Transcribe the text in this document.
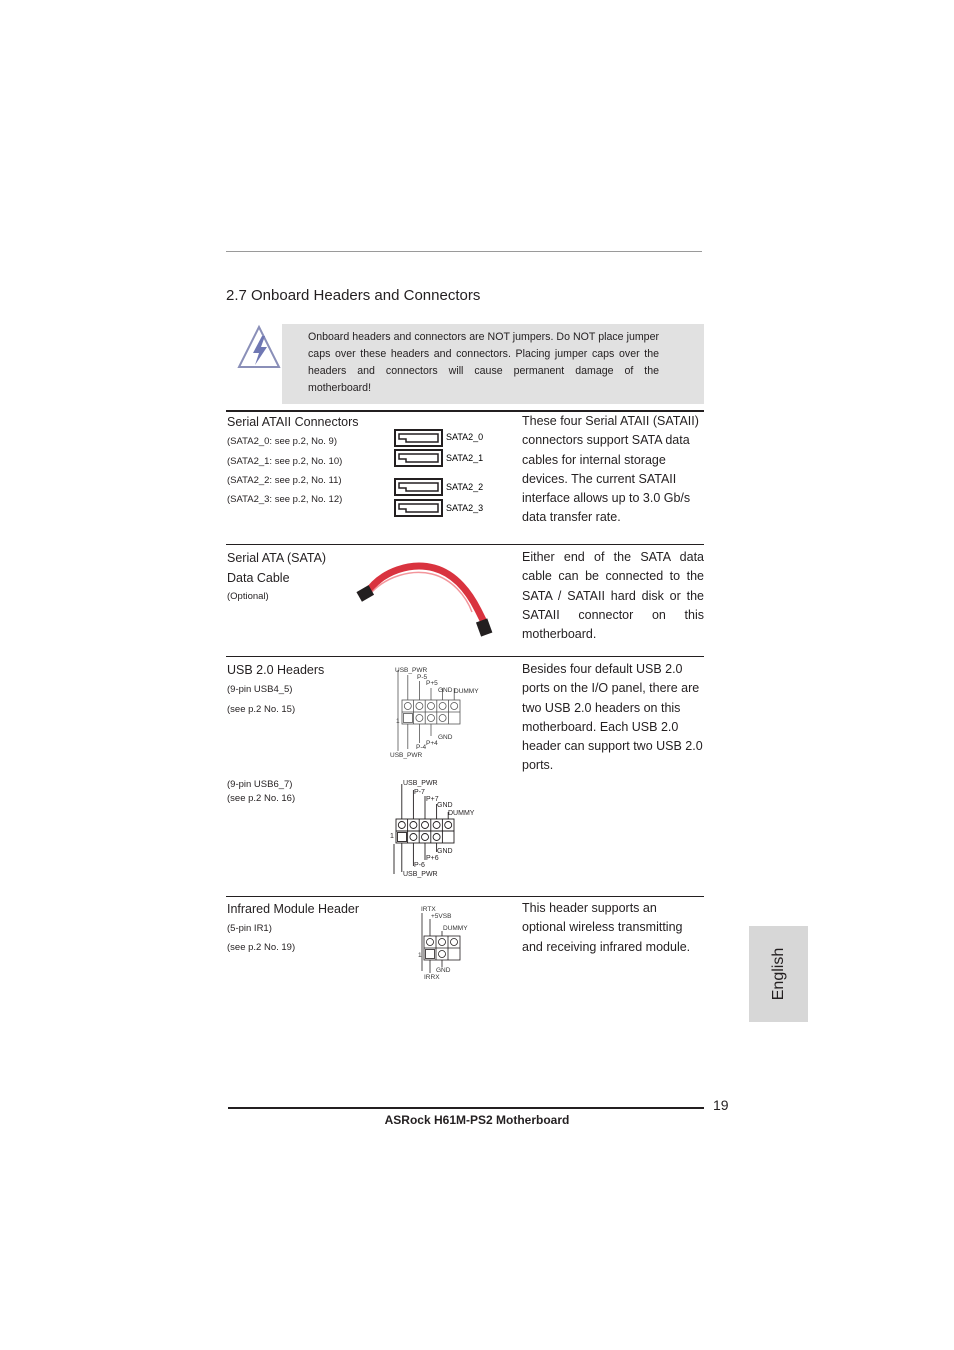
2.7 Onboard Headers and Connectors
Onboard headers and connectors are NOT jumpers. Do NOT place jumper caps over these headers and connectors. Placing jumper caps over the headers and connectors will cause permanent damage of the motherboard!
Serial ATAII Connectors
(SATA2_0: see p.2, No. 9)
(SATA2_1: see p.2, No. 10)
(SATA2_2: see p.2, No. 11)
(SATA2_3: see p.2, No. 12)
SATA2_0
SATA2_1
SATA2_2
SATA2_3
These four Serial ATAII (SATAII) connectors support SATA data cables for internal storage devices. The current SATAII interface allows up to 3.0 Gb/s data transfer rate.
Serial ATA (SATA)
Data Cable
(Optional)
Either end of the SATA data cable can be connected to the SATA / SATAII hard disk or the SATAII connector on this motherboard.
USB 2.0 Headers
(9-pin USB4_5)
(see p.2 No. 15)
(9-pin USB6_7)
(see p.2 No. 16)
USB_PWR
P-5
P+5
GND DUMMY
1
GND
P+4
P-4
USB_PWR
USB_PWR
P-7
P+7
GND
DUMMY
1
GND
P+6
P-6
USB_PWR
Besides four default USB 2.0 ports on the I/O panel, there are two USB 2.0 headers on this motherboard. Each USB 2.0 header can support two USB 2.0 ports.
Infrared Module Header
(5-pin IR1)
(see p.2 No. 19)
IRTX
+5VSB
DUMMY
1
GND
IRRX
This header supports an optional wireless transmitting and receiving infrared module.
English
19
ASRock H61M-PS2 Motherboard
